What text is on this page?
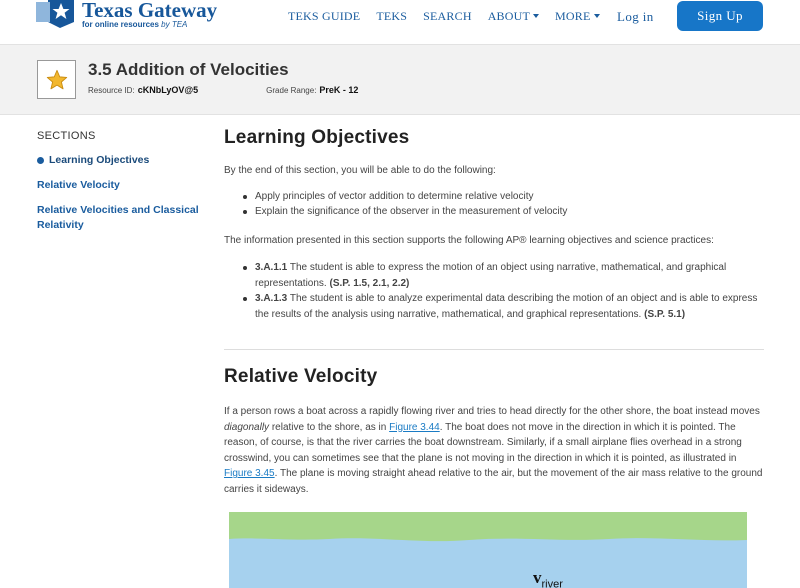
Texas Gateway
for online resources by TEA
TEKS GUIDE TEKS SEARCH ABOUT	MORE	Log in	Sign Up
3.5 Addition of Velocities
Resource ID: cKNbLyOV@5	Grade Range: PreK - 12
SECTIONS
Learning Objectives
Relative Velocity
Relative Velocities and Classical Relativity
Learning Objectives
By the end of this section, you will be able to do the following:
Apply principles of vector addition to determine relative velocity
Explain the significance of the observer in the measurement of velocity
The information presented in this section supports the following AP® learning objectives and science practices:
3.A.1.1 The student is able to express the motion of an object using narrative, mathematical, and graphical representations. (S.P. 1.5, 2.1, 2.2)
3.A.1.3 The student is able to analyze experimental data describing the motion of an object and is able to express the results of the analysis using narrative, mathematical, and graphical representations. (S.P. 5.1)
Relative Velocity
If a person rows a boat across a rapidly flowing river and tries to head directly for the other shore, the boat instead moves diagonally relative to the shore, as in Figure 3.44. The boat does not move in the direction in which it is pointed. The reason, of course, is that the river carries the boat downstream. Similarly, if a small airplane flies overhead in a strong crosswind, you can sometimes see that the plane is not moving in the direction in which it is pointed, as illustrated in Figure 3.45. The plane is moving straight ahead relative to the air, but the movement of the air mass relative to the ground carries it sideways.
$v_{river}$
